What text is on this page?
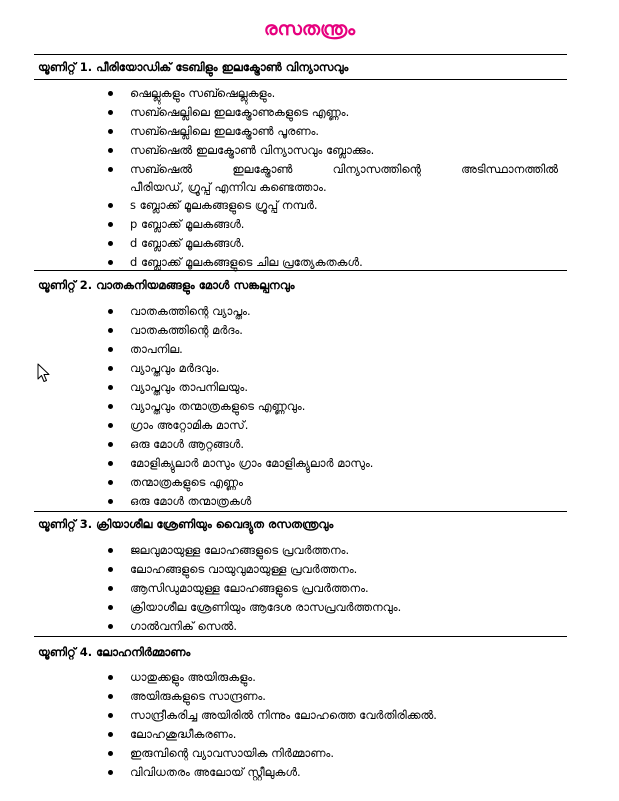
രസതന്ത്രം
യൂണിറ്റ് 1. പീരിയോഡിക് ടേബിളും ഇലക്ട്രോൺ വിന്യാസവും
ഷെല്ലുകളും സബ്ഷെല്ലുകളും.
സബ്ഷെല്ലിലെ ഇലക്ട്രോണുകളുടെ എണ്ണം.
സബ്ഷെല്ലിലെ ഇലക്ട്രോൺ പൂരണം.
സബ്ഷെൽ ഇലക്ട്രോൺ വിന്യാസവും ബ്ലോക്കും.
സബ്ഷെൽ ഇലക്ട്രോൺ വിന്യാസത്തിന്റെ അടിസ്ഥാനത്തിൽ
പീരിയഡ്, ഗ്രൂപ്പ് എന്നിവ കണ്ടെത്താം.
s ബ്ലോക്ക് മൂലകങ്ങളുടെ ഗ്രൂപ്പ് നമ്പർ.
p ബ്ലോക്ക് മൂലകങ്ങൾ.
d ബ്ലോക്ക് മൂലകങ്ങൾ.
d ബ്ലോക്ക് മൂലകങ്ങളുടെ ചില പ്രത്യേകതകൾ.
യൂണിറ്റ് 2. വാതകനിയമങ്ങളും മോൾ സങ്കല്പനവും
വാതകത്തിന്റെ വ്യാപ്തം.
വാതകത്തിന്റെ മർദം.
താപനില.
വ്യാപ്തവും മർദവും.
വ്യാപ്തവും താപനിലയും.
വ്യാപ്തവും തന്മാത്രകളുടെ എണ്ണവും.
ഗ്രാം അറ്റോമിക മാസ്.
ഒരു മോൾ ആറ്റങ്ങൾ.
മോളിക്യുലാർ മാസും ഗ്രാം മോളിക്യുലാർ മാസും.
തന്മാത്രകളുടെ എണ്ണം
ഒരു മോൾ തന്മാത്രകൾ
യൂണിറ്റ് 3. ക്രിയാശീല ശ്രേണിയും വൈദ്യുത രസതന്ത്രവും
ജലവുമായുള്ള ലോഹങ്ങളുടെ പ്രവർത്തനം.
ലോഹങ്ങളുടെ വായുവുമായുള്ള പ്രവർത്തനം.
ആസിഡുമായുള്ള ലോഹങ്ങളുടെ പ്രവർത്തനം.
ക്രിയാശീല ശ്രേണിയും ആദേശ രാസപ്രവർത്തനവും.
ഗാൽവനിക് സെൽ.
യൂണിറ്റ് 4. ലോഹനിർമ്മാണം
ധാതുക്കളും അയിരുകളും.
അയിരുകളുടെ സാന്ദ്രണം.
സാന്ദ്രീകരിച്ച അയിരിൽ നിന്നും ലോഹത്തെ വേർതിരിക്കൽ.
ലോഹശുദ്ധീകരണം.
ഇരുമ്പിന്റെ വ്യാവസായിക നിർമ്മാണം.
വിവിധതരം അലോയ് സ്റ്റീലുകൾ.
